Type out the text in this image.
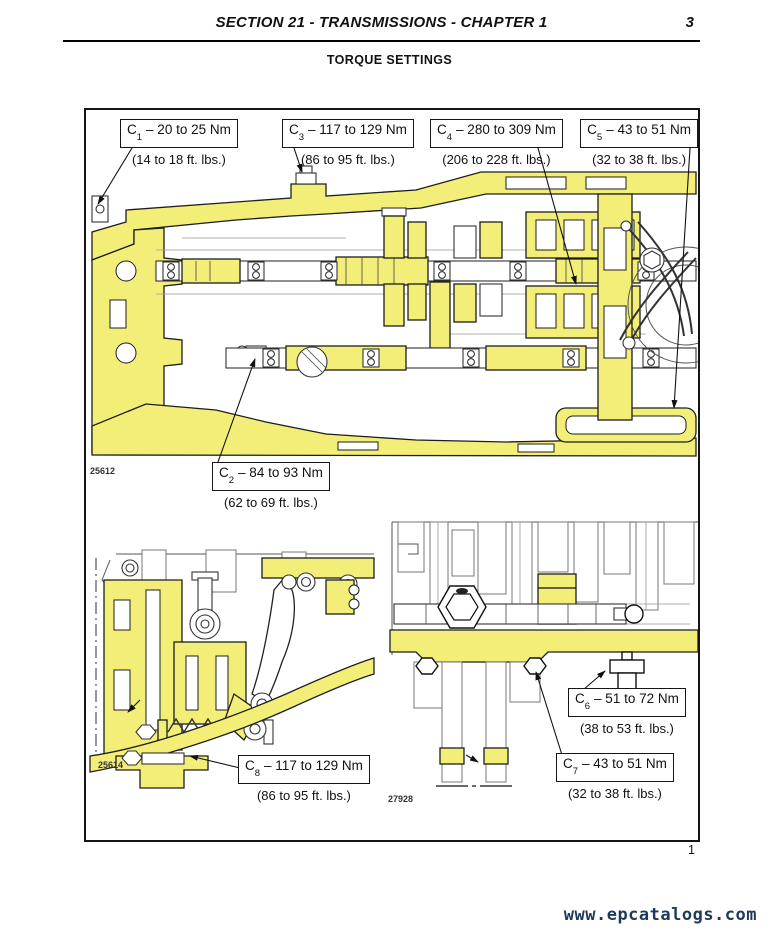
SECTION 21 - TRANSMISSIONS - CHAPTER 1	3
TORQUE SETTINGS
$C_1-$ 20 to 25 Nm
(14 to 18 ft. lbs.)
$C_3-$ 117 to 129 Nm
(86 to 95 ft. lbs.)
$C_4-$ 280 to 309 Nm
(206 to 228 ft. lbs.)
$C_5-$ 43 to 51 Nm
(32 to 38 ft. lbs.)
$C_2-$ 84 to 93 Nm
(62 to 69 ft. lbs.)
$C_8-$ 117 to 129 Nm
(86 to 95 ft. lbs.)
$C_6-$ 51 to 72 Nm
(38 to 53 ft. lbs.)
$C_7-$ 43 to 51 Nm
(32 to 38 ft. lbs.)
25612
25614
27928
1
www.epcatalogs.com
